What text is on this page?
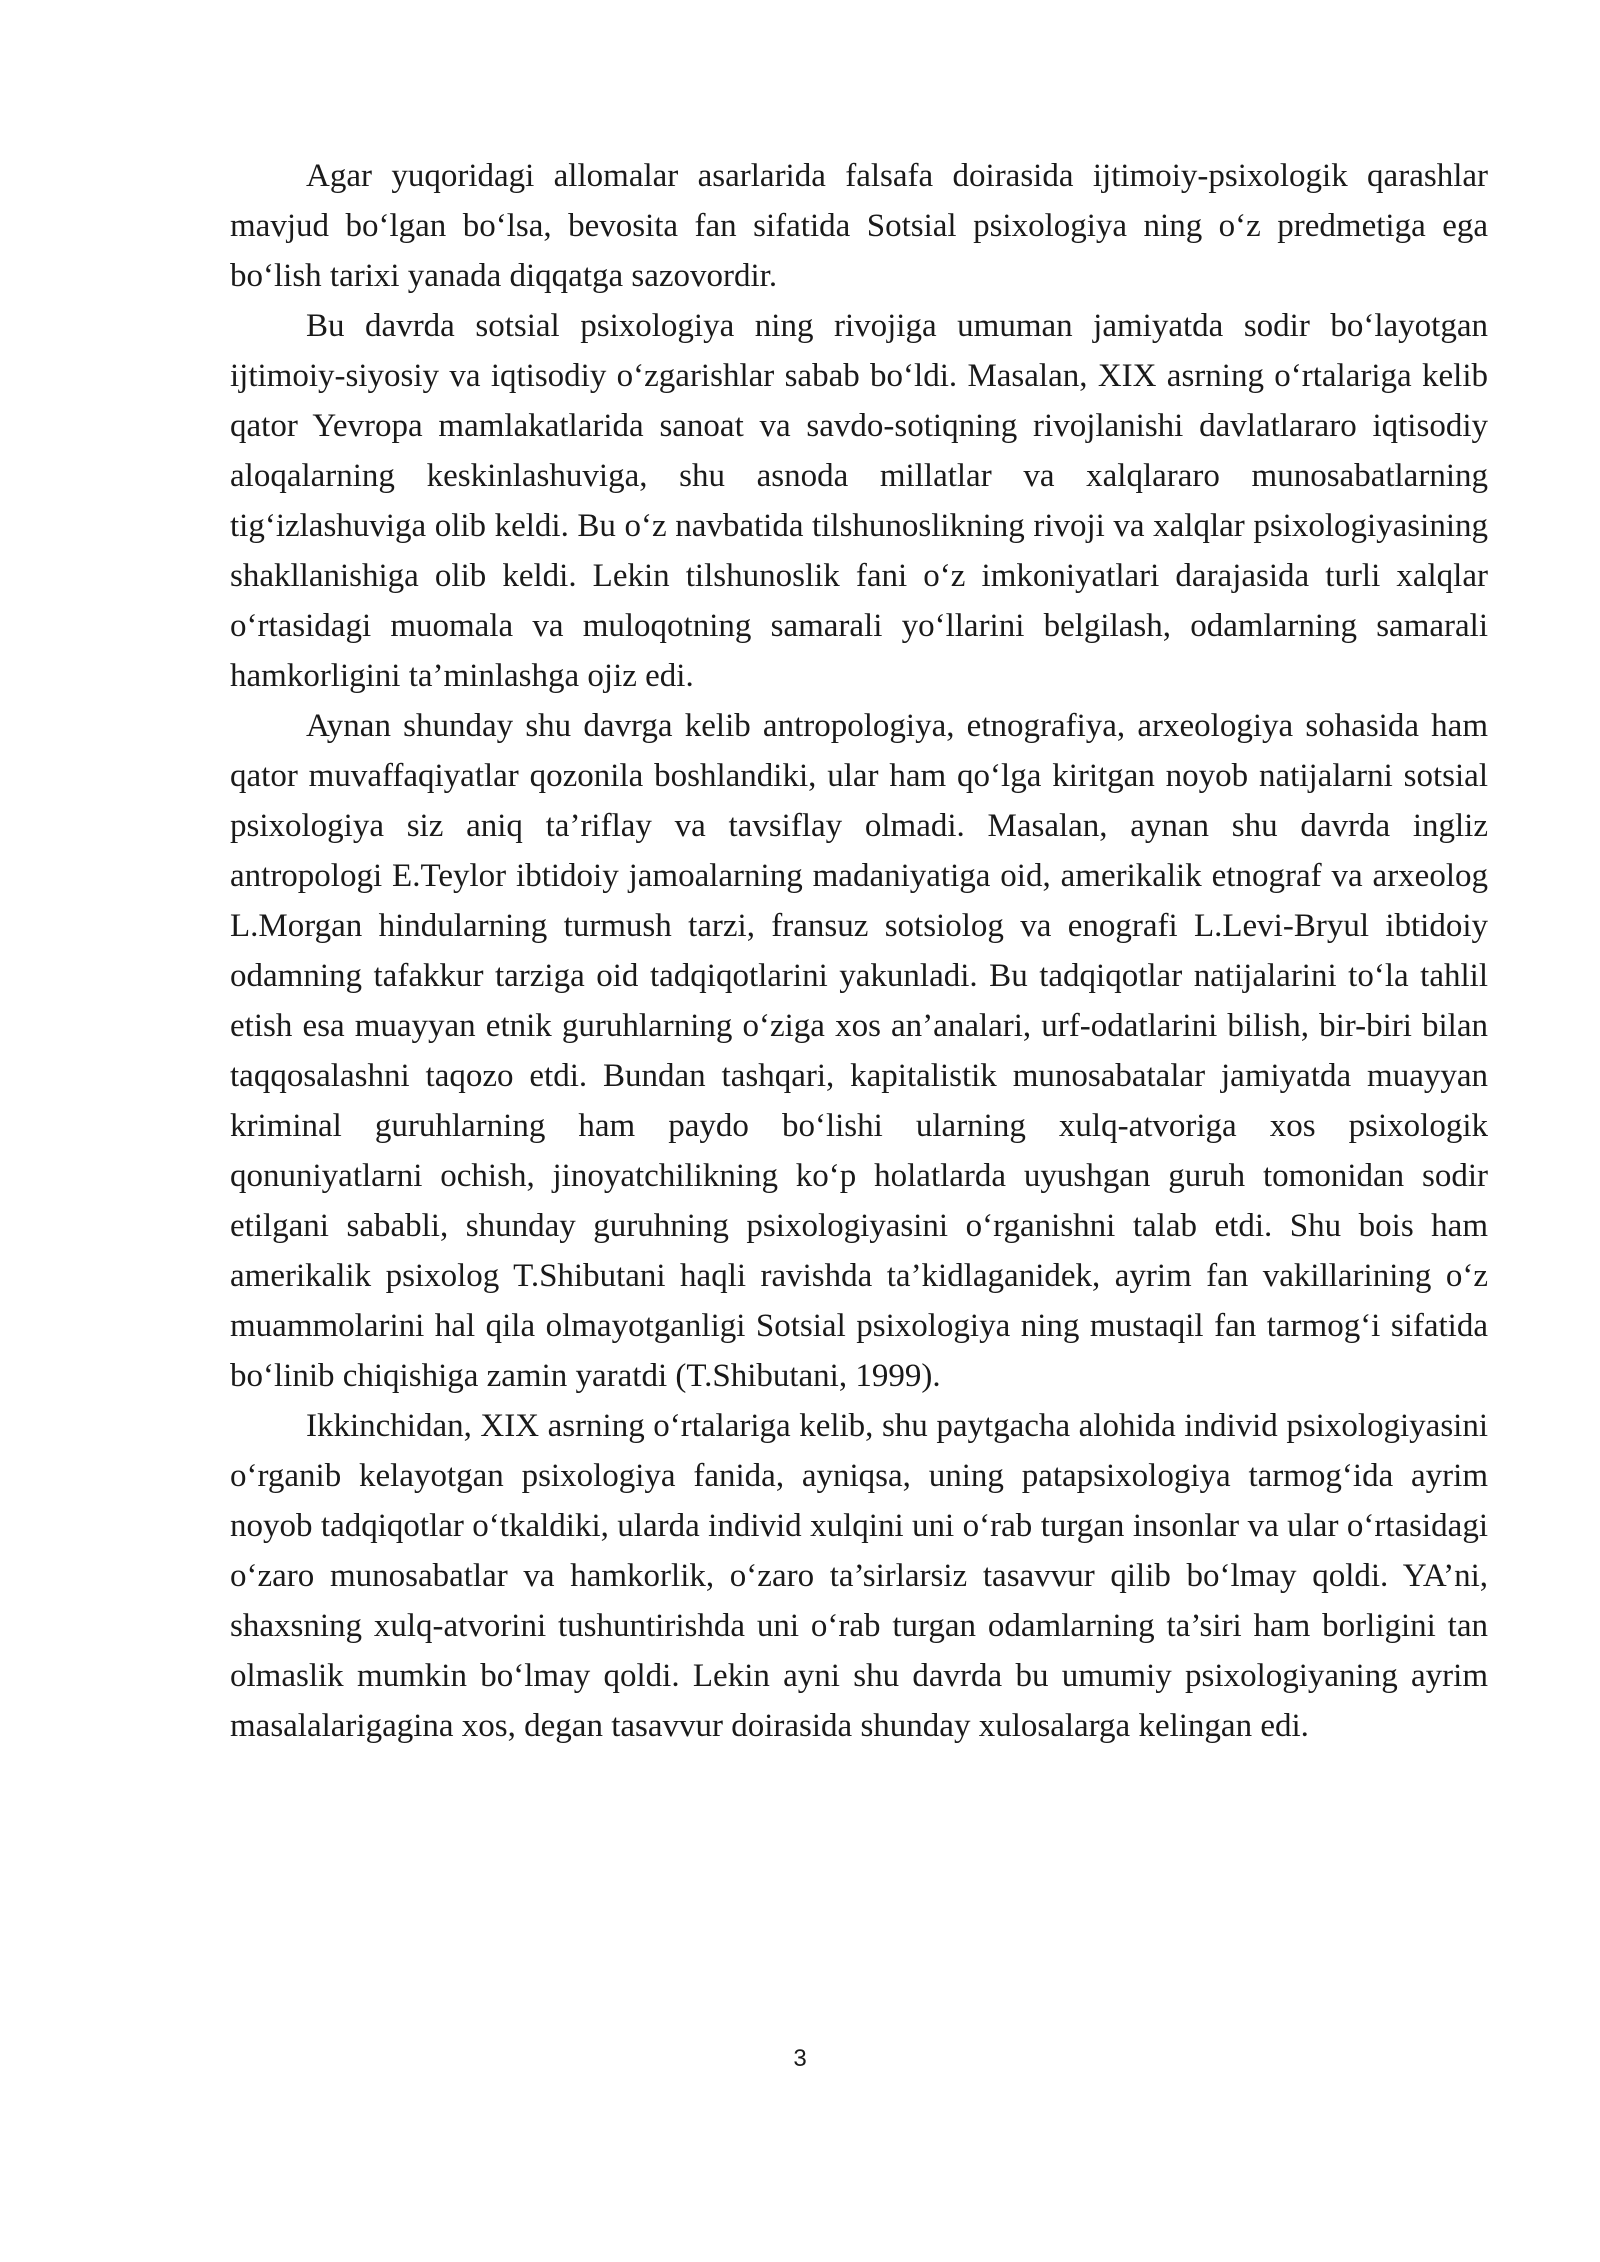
Agar yuqoridagi allomalar asarlarida falsafa doirasida ijtimoiy-psixologik qarashlar mavjud bo‘lgan bo‘lsa, bevosita fan sifatida Sotsial psixologiya ning o‘z predmetiga ega bo‘lish tarixi yanada diqqatga sazovordir.

Bu davrda sotsial psixologiya ning rivojiga umuman jamiyatda sodir bo‘layotgan ijtimoiy-siyosiy va iqtisodiy o‘zgarishlar sabab bo‘ldi. Masalan, XIX asrning o‘rtalariga kelib qator Yevropa mamlakatlarida sanoat va savdo-sotiqning rivojlanishi davlatlararo iqtisodiy aloqalarning keskinlashuviga, shu asnoda millatlar va xalqlararo munosabatlarning tig‘izlashuviga olib keldi. Bu o‘z navbatida tilshunoslikning rivoji va xalqlar psixologiyasining shakllanishiga olib keldi. Lekin tilshunoslik fani o‘z imkoniyatlari darajasida turli xalqlar o‘rtasidagi muomala va muloqotning samarali yo‘llarini belgilash, odamlarning samarali hamkorligini ta’minlashga ojiz edi.

Aynan shunday shu davrga kelib antropologiya, etnografiya, arxeologiya sohasida ham qator muvaffaqiyatlar qozonila boshlandiki, ular ham qo‘lga kiritgan noyob natijalarni sotsial psixologiya siz aniq ta’riflay va tavsiflay olmadi. Masalan, aynan shu davrda ingliz antropologi E.Teylor ibtidoiy jamoalarning madaniyatiga oid, amerikalik etnograf va arxeolog L.Morgan hindularning turmush tarzi, fransuz sotsiolog va enografi L.Levi-Bryul ibtidoiy odamning tafakkur tarziga oid tadqiqotlarini yakunladi. Bu tadqiqotlar natijalarini to‘la tahlil etish esa muayyan etnik guruhlarning o‘ziga xos an’analari, urf-odatlarini bilish, bir-biri bilan taqqosalashni taqozo etdi. Bundan tashqari, kapitalistik munosabatalar jamiyatda muayyan kriminal guruhlarning ham paydo bo‘lishi ularning xulq-atvoriga xos psixologik qonuniyatlarni ochish, jinoyatchilikning ko‘p holatlarda uyushgan guruh tomonidan sodir etilgani sababli, shunday guruhning psixologiyasini o‘rganishni talab etdi. Shu bois ham amerikalik psixolog T.Shibutani haqli ravishda ta’kidlaganidek, ayrim fan vakillarining o‘z muammolarini hal qila olmayotganligi Sotsial psixologiya ning mustaqil fan tarmog‘i sifatida bo‘linib chiqishiga zamin yaratdi (T.Shibutani, 1999).

Ikkinchidan, XIX asrning o‘rtalariga kelib, shu paytgacha alohida individ psixologiyasini o‘rganib kelayotgan psixologiya fanida, ayniqsa, uning patapsixologiya tarmog‘ida ayrim noyob tadqiqotlar o‘tkaldiki, ularda individ xulqini uni o‘rab turgan insonlar va ular o‘rtasidagi o‘zaro munosabatlar va hamkorlik, o‘zaro ta’sirlarsiz tasavvur qilib bo‘lmay qoldi. YA’ni, shaxsning xulq-atvorini tushuntirishda uni o‘rab turgan odamlarning ta’siri ham borligini tan olmaslik mumkin bo‘lmay qoldi. Lekin ayni shu davrda bu umumiy psixologiyaning ayrim masalalarigagina xos, degan tasavvur doirasida shunday xulosalarga kelingan edi.

3
